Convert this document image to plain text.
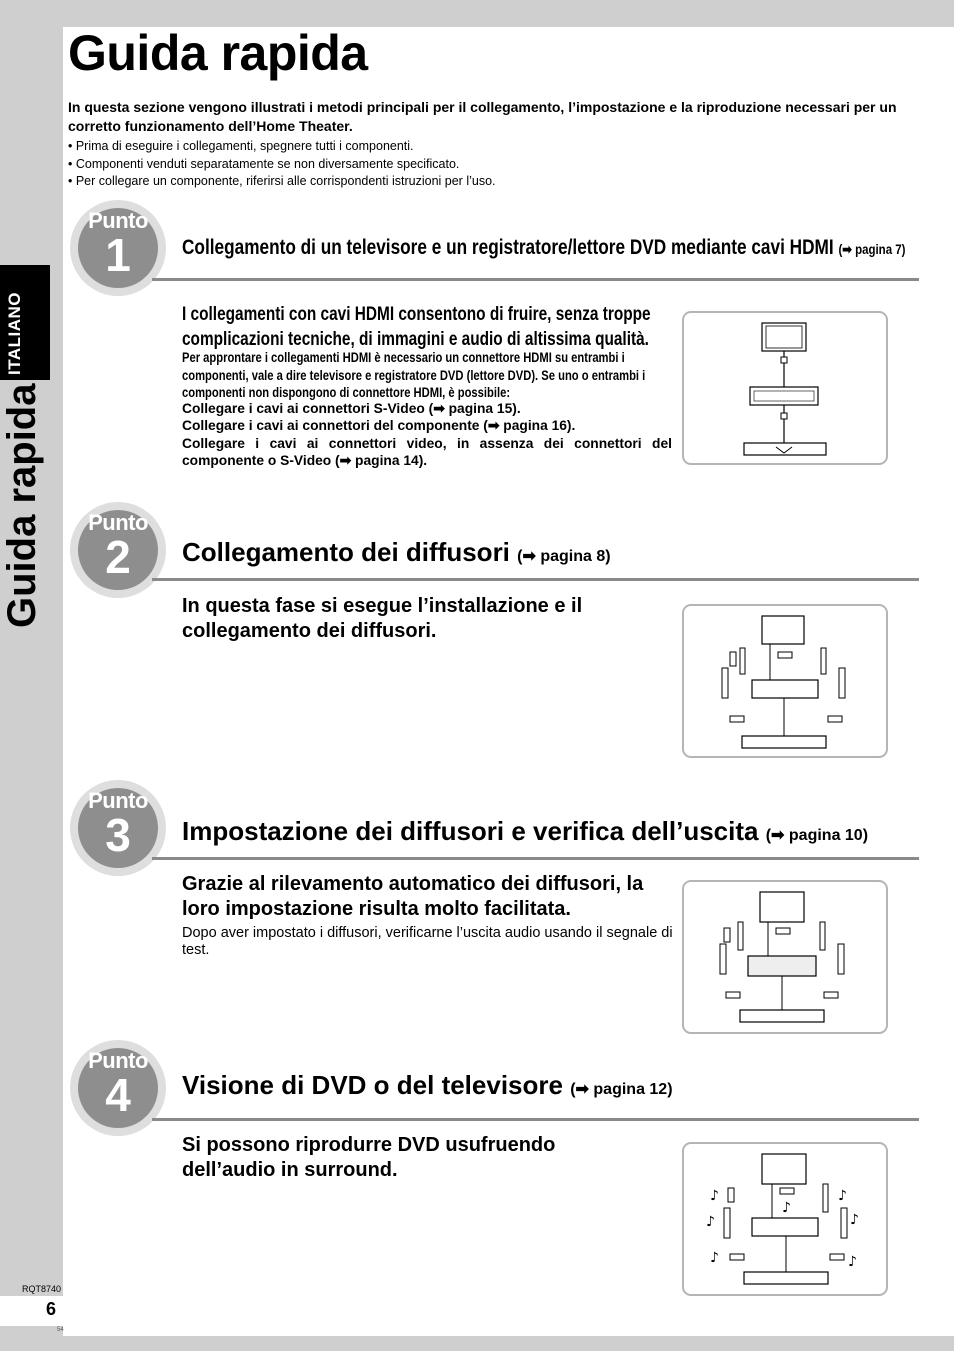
ITALIANO
Guida rapida
RQT8740
6
54
Guida rapida
In questa sezione vengono illustrati i metodi principali per il collegamento, l’impostazione e la riproduzione necessari per un corretto funzionamento dell’Home Theater.
• Prima di eseguire i collegamenti, spegnere tutti i componenti.
• Componenti venduti separatamente se non diversamente specificato.
• Per collegare un componente, riferirsi alle corrispondenti istruzioni per l’uso.
Punto
1	Collegamento di un televisore e un registratore/lettore DVD mediante cavi HDMI (➡ pagina 7)
I collegamenti con cavi HDMI consentono di fruire, senza troppe complicazioni tecniche, di immagini e audio di altissima qualità.
Per approntare i collegamenti HDMI è necessario un connettore HDMI su entrambi i componenti, vale a dire televisore e registratore DVD (lettore DVD). Se uno o entrambi i componenti non dispongono di connettore HDMI, è possibile:
Collegare i cavi ai connettori S-Video (➡ pagina 15).
Collegare i cavi ai connettori del componente (➡ pagina 16).
Collegare i cavi ai connettori video, in assenza dei connettori del componente o S-Video (➡ pagina 14).
Punto
2	Collegamento dei diffusori (➡ pagina 8)
In questa fase si esegue l’installazione e il collegamento dei diffusori.
Punto
3	Impostazione dei diffusori e verifica dell’uscita (➡ pagina 10)
Grazie al rilevamento automatico dei diffusori, la loro impostazione risulta molto facilitata.
Dopo aver impostato i diffusori, verificarne l’uscita audio usando il segnale di test.
Punto
4	Visione di DVD o del televisore (➡ pagina 12)
Si possono riprodurre DVD usufruendo dell’audio in surround.
♪
♪
♪
♪
♪
♪	♪
